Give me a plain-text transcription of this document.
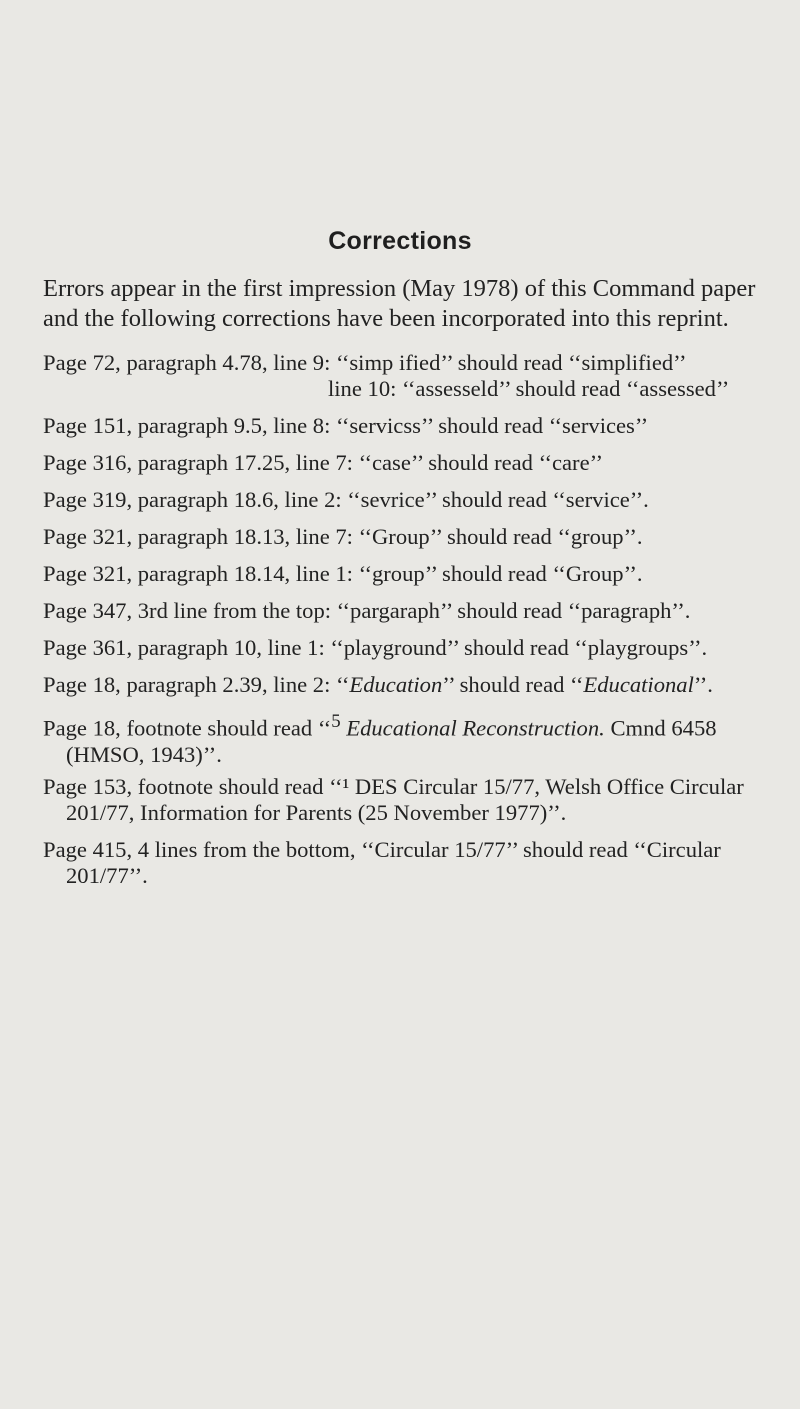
Corrections
Errors appear in the first impression (May 1978) of this Command paper and the following corrections have been incorporated into this reprint.
Page 72, paragraph 4.78, line 9: ‘‘simp ified’’ should read ‘‘simplified’’
line 10: ‘‘assesseld’’ should read ‘‘assessed’’
Page 151, paragraph 9.5, line 8: ‘‘servicss’’ should read ‘‘services’’
Page 316, paragraph 17.25, line 7: ‘‘case’’ should read ‘‘care’’
Page 319, paragraph 18.6, line 2: ‘‘sevrice’’ should read ‘‘service’’.
Page 321, paragraph 18.13, line 7: ‘‘Group’’ should read ‘‘group’’.
Page 321, paragraph 18.14, line 1: ‘‘group’’ should read ‘‘Group’’.
Page 347, 3rd line from the top: ‘‘pargaraph’’ should read ‘‘paragraph’’.
Page 361, paragraph 10, line 1: ‘‘playground’’ should read ‘‘playgroups’’.
Page 18, paragraph 2.39, line 2: ‘‘Education’’ should read ‘‘Educational’’.
Page 18, footnote should read ‘‘$^5$ Educational Reconstruction. Cmnd 6458 (HMSO, 1943)’’.
Page 153, footnote should read ‘‘¹ DES Circular 15/77, Welsh Office Circular 201/77, Information for Parents (25 November 1977)’’.
Page 415, 4 lines from the bottom, ‘‘Circular 15/77’’ should read ‘‘Circular 201/77’’.
